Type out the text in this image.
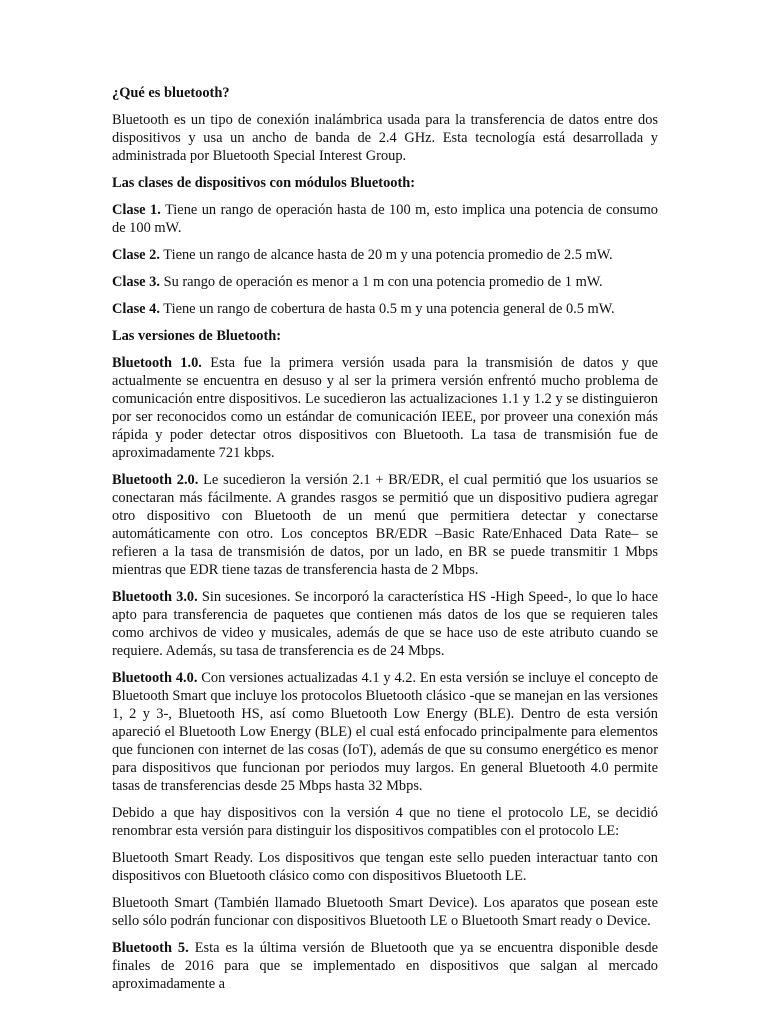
¿Qué es bluetooth?

Bluetooth es un tipo de conexión inalámbrica usada para la transferencia de datos entre dos dispositivos y usa un ancho de banda de 2.4 GHz. Esta tecnología está desarrollada y administrada por Bluetooth Special Interest Group.

Las clases de dispositivos con módulos Bluetooth:

Clase 1. Tiene un rango de operación hasta de 100 m, esto implica una potencia de consumo de 100 mW.

Clase 2. Tiene un rango de alcance hasta de 20 m y una potencia promedio de 2.5 mW.

Clase 3. Su rango de operación es menor a 1 m con una potencia promedio de 1 mW.

Clase 4. Tiene un rango de cobertura de hasta 0.5 m y una potencia general de 0.5 mW.

Las versiones de Bluetooth:

Bluetooth 1.0. Esta fue la primera versión usada para la transmisión de datos y que actualmente se encuentra en desuso y al ser la primera versión enfrentó mucho problema de comunicación entre dispositivos. Le sucedieron las actualizaciones 1.1 y 1.2 y se distinguieron por ser reconocidos como un estándar de comunicación IEEE, por proveer una conexión más rápida y poder detectar otros dispositivos con Bluetooth. La tasa de transmisión fue de aproximadamente 721 kbps.

Bluetooth 2.0. Le sucedieron la versión 2.1 + BR/EDR, el cual permitió que los usuarios se conectaran más fácilmente. A grandes rasgos se permitió que un dispositivo pudiera agregar otro dispositivo con Bluetooth de un menú que permitiera detectar y conectarse automáticamente con otro. Los conceptos BR/EDR –Basic Rate/Enhaced Data Rate– se refieren a la tasa de transmisión de datos, por un lado, en BR se puede transmitir 1 Mbps mientras que EDR tiene tazas de transferencia hasta de 2 Mbps.

Bluetooth 3.0. Sin sucesiones. Se incorporó la característica HS -High Speed-, lo que lo hace apto para transferencia de paquetes que contienen más datos de los que se requieren tales como archivos de video y musicales, además de que se hace uso de este atributo cuando se requiere. Además, su tasa de transferencia es de 24 Mbps.

Bluetooth 4.0. Con versiones actualizadas 4.1 y 4.2. En esta versión se incluye el concepto de Bluetooth Smart que incluye los protocolos Bluetooth clásico -que se manejan en las versiones 1, 2 y 3-, Bluetooth HS, así como Bluetooth Low Energy (BLE). Dentro de esta versión apareció el Bluetooth Low Energy (BLE) el cual está enfocado principalmente para elementos que funcionen con internet de las cosas (IoT), además de que su consumo energético es menor para dispositivos que funcionan por periodos muy largos. En general Bluetooth 4.0 permite tasas de transferencias desde 25 Mbps hasta 32 Mbps.

Debido a que hay dispositivos con la versión 4 que no tiene el protocolo LE, se decidió renombrar esta versión para distinguir los dispositivos compatibles con el protocolo LE:

Bluetooth Smart Ready. Los dispositivos que tengan este sello pueden interactuar tanto con dispositivos con Bluetooth clásico como con dispositivos Bluetooth LE.

Bluetooth Smart (También llamado Bluetooth Smart Device). Los aparatos que posean este sello sólo podrán funcionar con dispositivos Bluetooth LE o Bluetooth Smart ready o Device.

Bluetooth 5. Esta es la última versión de Bluetooth que ya se encuentra disponible desde finales de 2016 para que se implementado en dispositivos que salgan al mercado aproximadamente a
